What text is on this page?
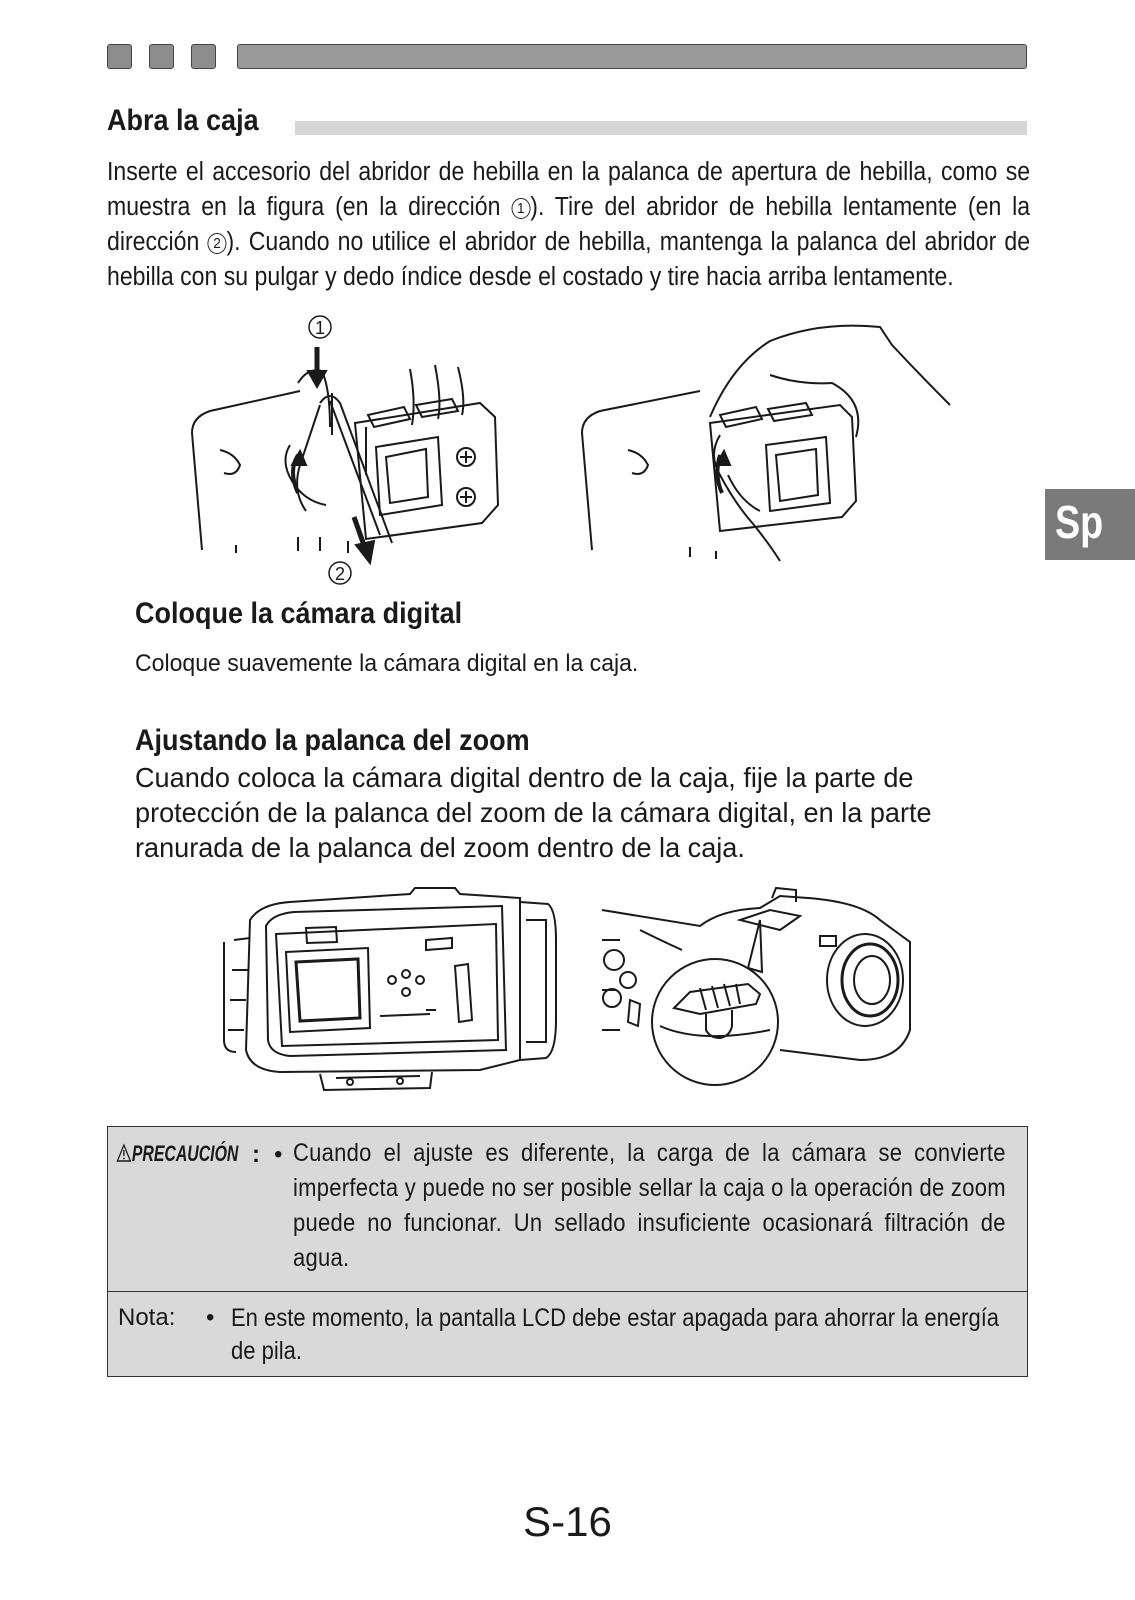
Abra la caja
Inserte el accesorio del abridor de hebilla en la palanca de apertura de hebilla, como se muestra en la figura (en la dirección 1 ). Tire del abridor de hebilla lentamente (en la dirección 2 ). Cuando no utilice el abridor de hebilla, mantenga la palanca del abridor de hebilla con su pulgar y dedo índice desde el costado y tire hacia arriba lentamente.
1
2
Coloque la cámara digital
Coloque suavemente la cámara digital en la caja.
Ajustando la palanca del zoom
Cuando coloca la cámara digital dentro de la caja, fije la parte de protección de la palanca del zoom de la cámara digital, en la parte ranurada de la palanca del zoom dentro de la caja.
PRECAUCIÓN : • Cuando el ajuste es diferente, la carga de la cámara se convierte imperfecta y puede no ser posible sellar la caja o la operación de zoom puede no funcionar. Un sellado insuficiente ocasionará filtración de agua.
Nota: • En este momento, la pantalla LCD debe estar apagada para ahorrar la energía de pila.
Sp
S-16
